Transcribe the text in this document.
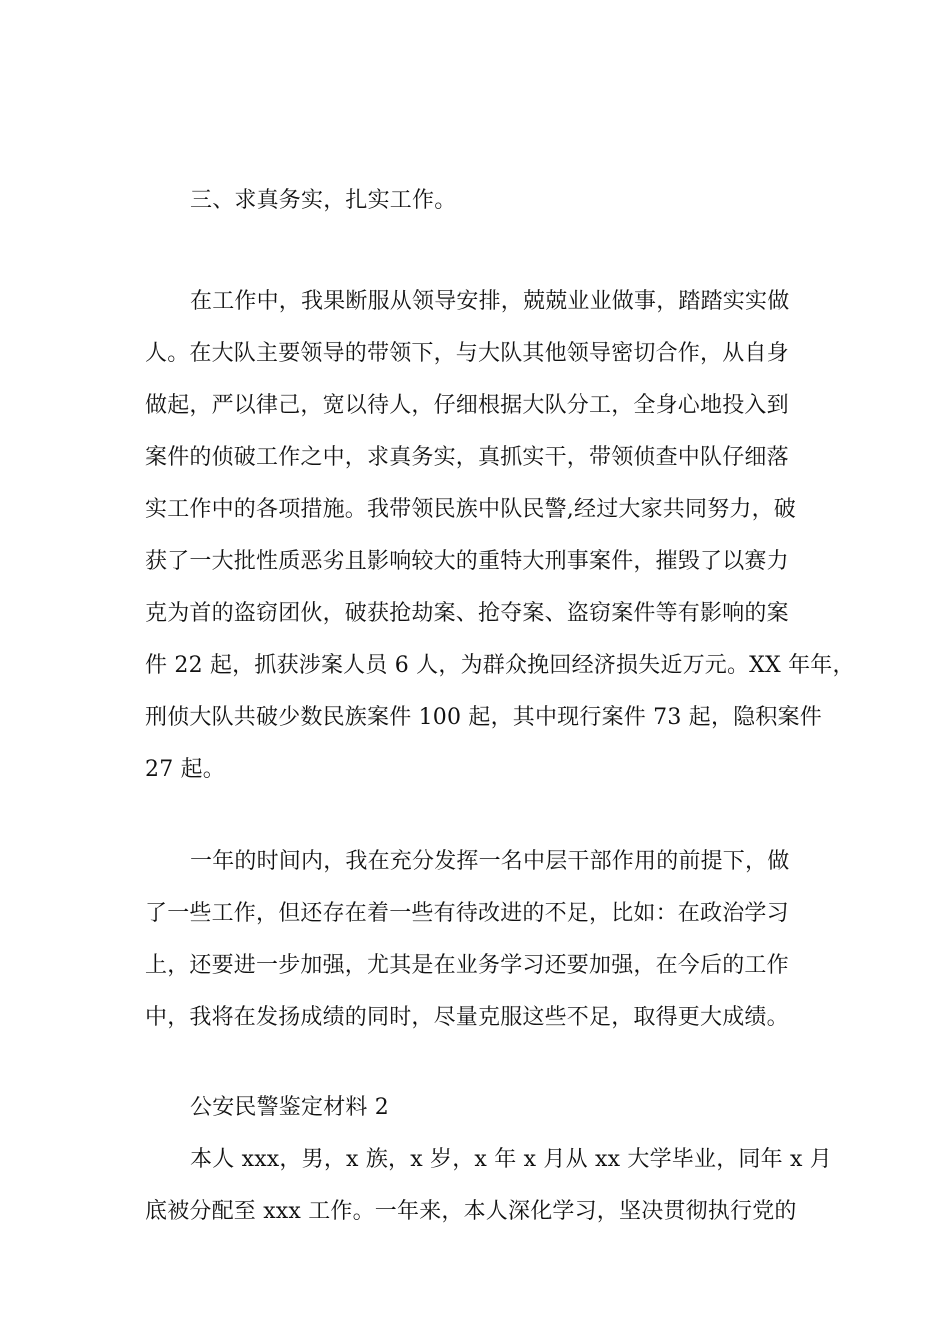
三、求真务实，扎实工作。
在工作中，我果断服从领导安排，兢兢业业做事，踏踏实实做
人。在大队主要领导的带领下，与大队其他领导密切合作，从自身
做起，严以律己，宽以待人，仔细根据大队分工，全身心地投入到
案件的侦破工作之中，求真务实，真抓实干，带领侦查中队仔细落
实工作中的各项措施。我带领民族中队民警,经过大家共同努力，破
获了一大批性质恶劣且影响较大的重特大刑事案件，摧毁了以赛力
克为首的盗窃团伙，破获抢劫案、抢夺案、盗窃案件等有影响的案
件 22 起，抓获涉案人员 6 人，为群众挽回经济损失近万元。XX 年年，
刑侦大队共破少数民族案件 100 起，其中现行案件 73 起，隐积案件
27 起。
一年的时间内，我在充分发挥一名中层干部作用的前提下，做
了一些工作，但还存在着一些有待改进的不足，比如：在政治学习
上，还要进一步加强，尤其是在业务学习还要加强，在今后的工作
中，我将在发扬成绩的同时，尽量克服这些不足，取得更大成绩。
公安民警鉴定材料 2
本人 xxx，男，x 族，x 岁，x 年 x 月从 xx 大学毕业，同年 x 月
底被分配至 xxx 工作。一年来，本人深化学习，坚决贯彻执行党的
